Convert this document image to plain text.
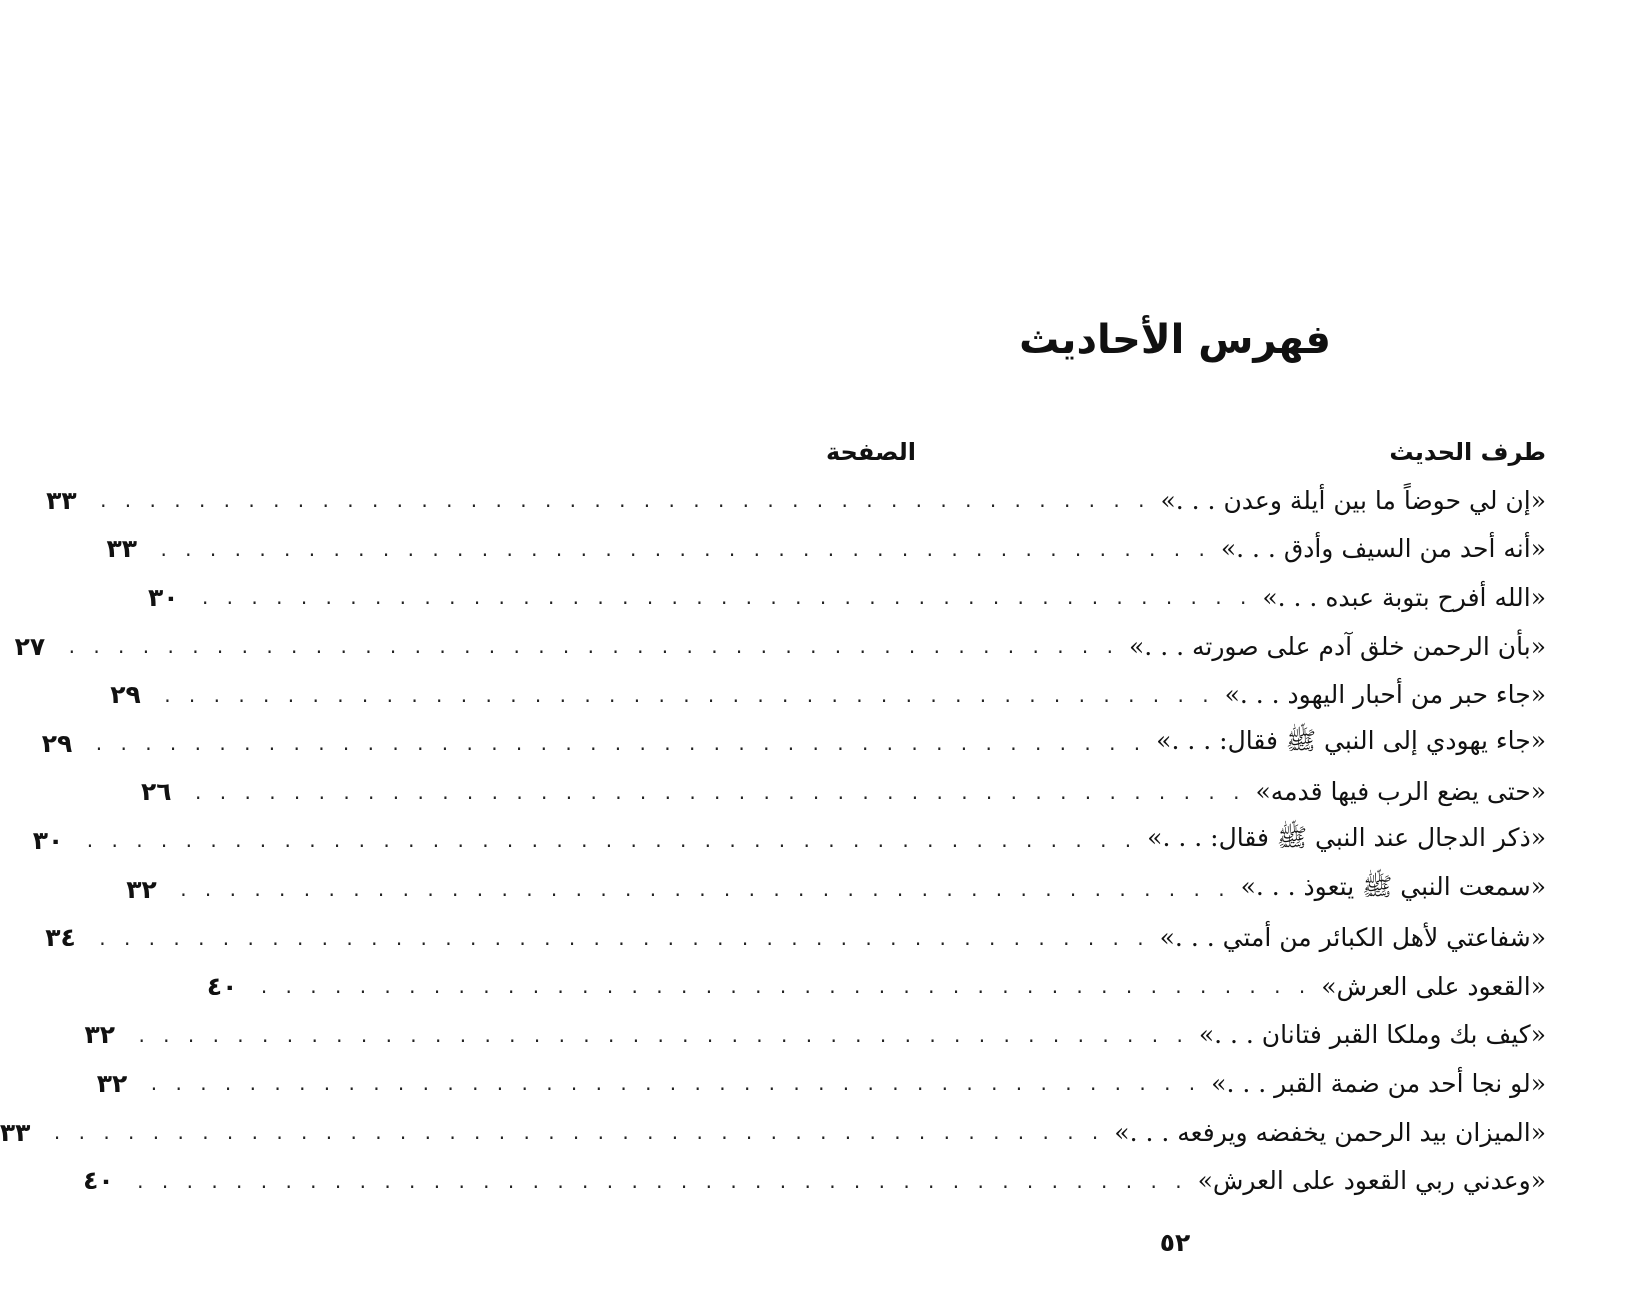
فهرس الأحاديث
طرف الحديث
الصفحة
«إن لي حوضاً ما بين أيلة وعدن . . .»
. . . . . . . . . . . . . . . . . . . . . . . . . . . . . . . . . . . . . . . . . . .
٣٣
«أنه أحد من السيف وأدق . . .»
. . . . . . . . . . . . . . . . . . . . . . . . . . . . . . . . . . . . . . . . . . .
٣٣
«الله أفرح بتوبة عبده . . .»
. . . . . . . . . . . . . . . . . . . . . . . . . . . . . . . . . . . . . . . . . . .
٣٠
«بأن الرحمن خلق آدم على صورته . . .»
. . . . . . . . . . . . . . . . . . . . . . . . . . . . . . . . . . . . . . . . . . .
٢٧
«جاء حبر من أحبار اليهود . . .»
. . . . . . . . . . . . . . . . . . . . . . . . . . . . . . . . . . . . . . . . . . .
٢٩
«جاء يهودي إلى النبي ﷺ فقال: . . .»
. . . . . . . . . . . . . . . . . . . . . . . . . . . . . . . . . . . . . . . . . . .
٢٩
«حتى يضع الرب فيها قدمه»
. . . . . . . . . . . . . . . . . . . . . . . . . . . . . . . . . . . . . . . . . . .
٢٦
«ذكر الدجال عند النبي ﷺ فقال: . . .»
. . . . . . . . . . . . . . . . . . . . . . . . . . . . . . . . . . . . . . . . . . .
٣٠
«سمعت النبي ﷺ يتعوذ . . .»
. . . . . . . . . . . . . . . . . . . . . . . . . . . . . . . . . . . . . . . . . . .
٣٢
«شفاعتي لأهل الكبائر من أمتي . . .»
. . . . . . . . . . . . . . . . . . . . . . . . . . . . . . . . . . . . . . . . . . .
٣٤
«القعود على العرش»
. . . . . . . . . . . . . . . . . . . . . . . . . . . . . . . . . . . . . . . . . . .
٤٠
«كيف بك وملكا القبر فتانان . . .»
. . . . . . . . . . . . . . . . . . . . . . . . . . . . . . . . . . . . . . . . . . .
٣٢
«لو نجا أحد من ضمة القبر . . .»
. . . . . . . . . . . . . . . . . . . . . . . . . . . . . . . . . . . . . . . . . . .
٣٢
«الميزان بيد الرحمن يخفضه ويرفعه . . .»
. . . . . . . . . . . . . . . . . . . . . . . . . . . . . . . . . . . . . . . . . . .
٣٣
«وعدني ربي القعود على العرش»
. . . . . . . . . . . . . . . . . . . . . . . . . . . . . . . . . . . . . . . . . . .
٤٠
٥٢
